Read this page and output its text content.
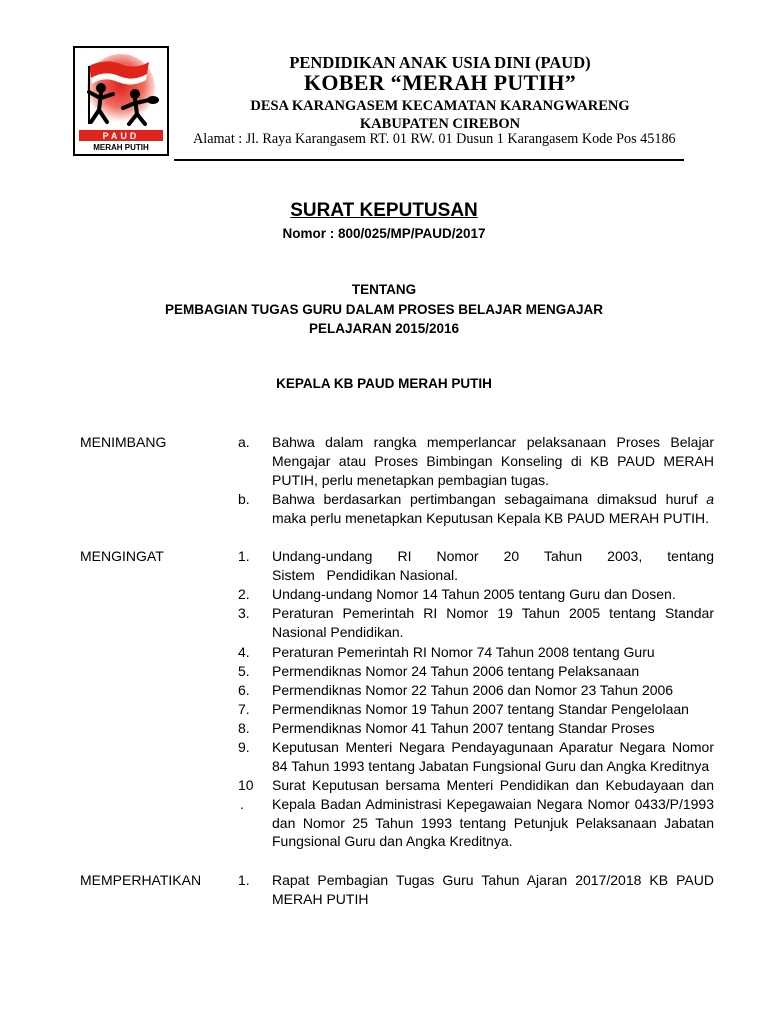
PAUD
MERAH PUTIH
PENDIDIKAN ANAK USIA DINI (PAUD)
KOBER “MERAH PUTIH”
DESA KARANGASEM KECAMATAN KARANGWARENG
KABUPATEN CIREBON
Alamat : Jl. Raya Karangasem RT. 01 RW. 01 Dusun 1 Karangasem Kode Pos 45186
SURAT KEPUTUSAN
Nomor : 800/025/MP/PAUD/2017
TENTANG
PEMBAGIAN TUGAS GURU DALAM PROSES BELAJAR MENGAJAR
PELAJARAN 2015/2016
KEPALA KB PAUD MERAH PUTIH
MENIMBANG	a. Bahwa dalam rangka memperlancar pelaksanaan Proses Belajar
Mengajar atau Proses Bimbingan Konseling di KB PAUD MERAH
PUTIH, perlu menetapkan pembagian tugas.
b. Bahwa berdasarkan pertimbangan sebagaimana dimaksud huruf a
maka perlu menetapkan Keputusan Kepala KB PAUD MERAH PUTIH.
MENGINGAT	1. Undang-undang RI Nomor 20 Tahun 2003, tentang
Sistem   Pendidikan Nasional.
2. Undang-undang Nomor 14 Tahun 2005 tentang Guru dan Dosen.
3. Peraturan Pemerintah RI Nomor 19 Tahun 2005 tentang Standar
Nasional Pendidikan.
4. Peraturan Pemerintah RI Nomor 74 Tahun 2008 tentang Guru
5. Permendiknas Nomor 24 Tahun 2006 tentang Pelaksanaan
6. Permendiknas Nomor 22 Tahun 2006 dan Nomor 23 Tahun 2006
7. Permendiknas Nomor 19 Tahun 2007 tentang Standar Pengelolaan
8. Permendiknas Nomor 41 Tahun 2007 tentang Standar Proses
9. Keputusan Menteri Negara Pendayagunaan Aparatur Negara Nomor
84 Tahun 1993 tentang Jabatan Fungsional Guru dan Angka Kreditnya
10
.
Surat Keputusan bersama Menteri Pendidikan dan Kebudayaan dan
Kepala Badan Administrasi Kepegawaian Negara Nomor 0433/P/1993
dan Nomor 25 Tahun 1993 tentang Petunjuk Pelaksanaan Jabatan
Fungsional Guru dan Angka Kreditnya.
MEMPERHATIKAN	1. Rapat Pembagian Tugas Guru Tahun Ajaran 2017/2018 KB PAUD
MERAH PUTIH
